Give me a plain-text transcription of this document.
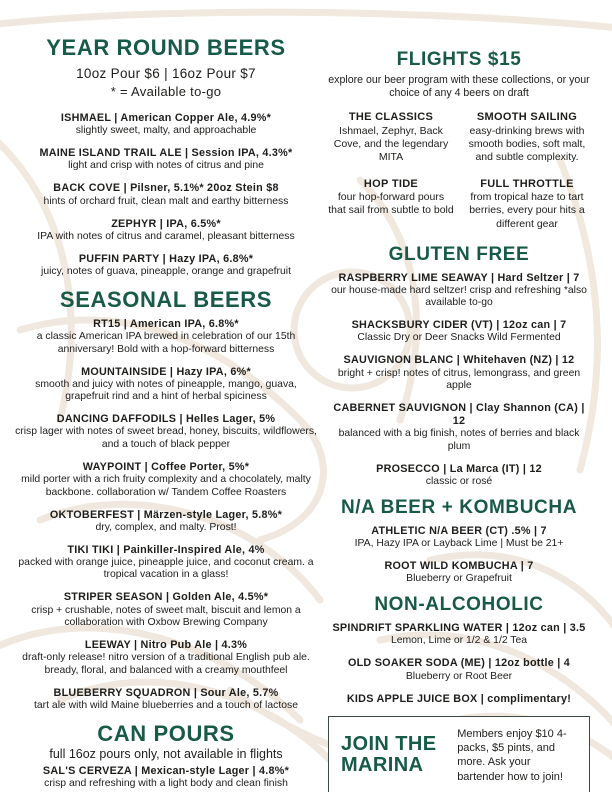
YEAR ROUND BEERS
10oz Pour $6 | 16oz Pour $7
* = Available to-go
ISHMAEL | American Copper Ale, 4.9%*
slightly sweet, malty, and approachable
MAINE ISLAND TRAIL ALE | Session IPA, 4.3%*
light and crisp with notes of citrus and pine
BACK COVE | Pilsner, 5.1%* 20oz Stein $8
hints of orchard fruit, clean malt and earthy bitterness
ZEPHYR | IPA, 6.5%*
IPA with notes of citrus and caramel, pleasant bitterness
PUFFIN PARTY | Hazy IPA, 6.8%*
juicy, notes of guava, pineapple, orange and grapefruit
SEASONAL BEERS
RT15 | American IPA, 6.8%*
a classic American IPA brewed in celebration of our 15th anniversary! Bold with a hop-forward bitterness
MOUNTAINSIDE | Hazy IPA, 6%*
smooth and juicy with notes of pineapple, mango, guava, grapefruit rind and a hint of herbal spiciness
DANCING DAFFODILS | Helles Lager, 5%
crisp lager with notes of sweet bread, honey, biscuits, wildflowers, and a touch of black pepper
WAYPOINT | Coffee Porter, 5%*
mild porter with a rich fruity complexity and a chocolately, malty backbone. collaboration w/ Tandem Coffee Roasters
OKTOBERFEST | Märzen-style Lager, 5.8%*
dry, complex, and malty. Prost!
TIKI TIKI | Painkiller-Inspired Ale, 4%
packed with orange juice, pineapple juice, and coconut cream. a tropical vacation in a glass!
STRIPER SEASON | Golden Ale, 4.5%*
crisp + crushable, notes of sweet malt, biscuit and lemon a collaboration with Oxbow Brewing Company
LEEWAY | Nitro Pub Ale | 4.3%
draft-only release! nitro version of a traditional English pub ale. bready, floral, and balanced with a creamy mouthfeel
BLUEBERRY SQUADRON | Sour Ale, 5.7%
tart ale with wild Maine blueberries and a touch of lactose
CAN POURS
full 16oz pours only, not available in flights
SAL'S CERVEZA | Mexican-style Lager | 4.8%*
crisp and refreshing with a light body and clean finish
FLIGHTS $15
explore our beer program with these collections, or your choice of any 4 beers on draft
THE CLASSICS
Ishmael, Zephyr, Back Cove, and the legendary MITA
SMOOTH SAILING
easy-drinking brews with smooth bodies, soft malt, and subtle complexity.
HOP TIDE
four hop-forward pours that sail from subtle to bold
FULL THROTTLE
from tropical haze to tart berries, every pour hits a different gear
GLUTEN FREE
RASPBERRY LIME SEAWAY | Hard Seltzer | 7
our house-made hard seltzer! crisp and refreshing *also available to-go
SHACKSBURY CIDER (VT) | 12oz can | 7
Classic Dry or Deer Snacks Wild Fermented
SAUVIGNON BLANC | Whitehaven (NZ) | 12
bright + crisp! notes of citrus, lemongrass, and green apple
CABERNET SAUVIGNON | Clay Shannon (CA) | 12
balanced with a big finish, notes of berries and black plum
PROSECCO | La Marca (IT) | 12
classic or rosé
N/A BEER + KOMBUCHA
ATHLETIC N/A BEER (CT) .5% | 7
IPA, Hazy IPA or Layback Lime | Must be 21+
ROOT WILD KOMBUCHA | 7
Blueberry or Grapefruit
NON-ALCOHOLIC
SPINDRIFT SPARKLING WATER | 12oz can | 3.5
Lemon, Lime or 1/2 & 1/2 Tea
OLD SOAKER SODA (ME) | 12oz bottle | 4
Blueberry or Root Beer
KIDS APPLE JUICE BOX | complimentary!
JOIN THE MARINA
Members enjoy $10 4-packs, $5 pints, and more. Ask your bartender how to join!
